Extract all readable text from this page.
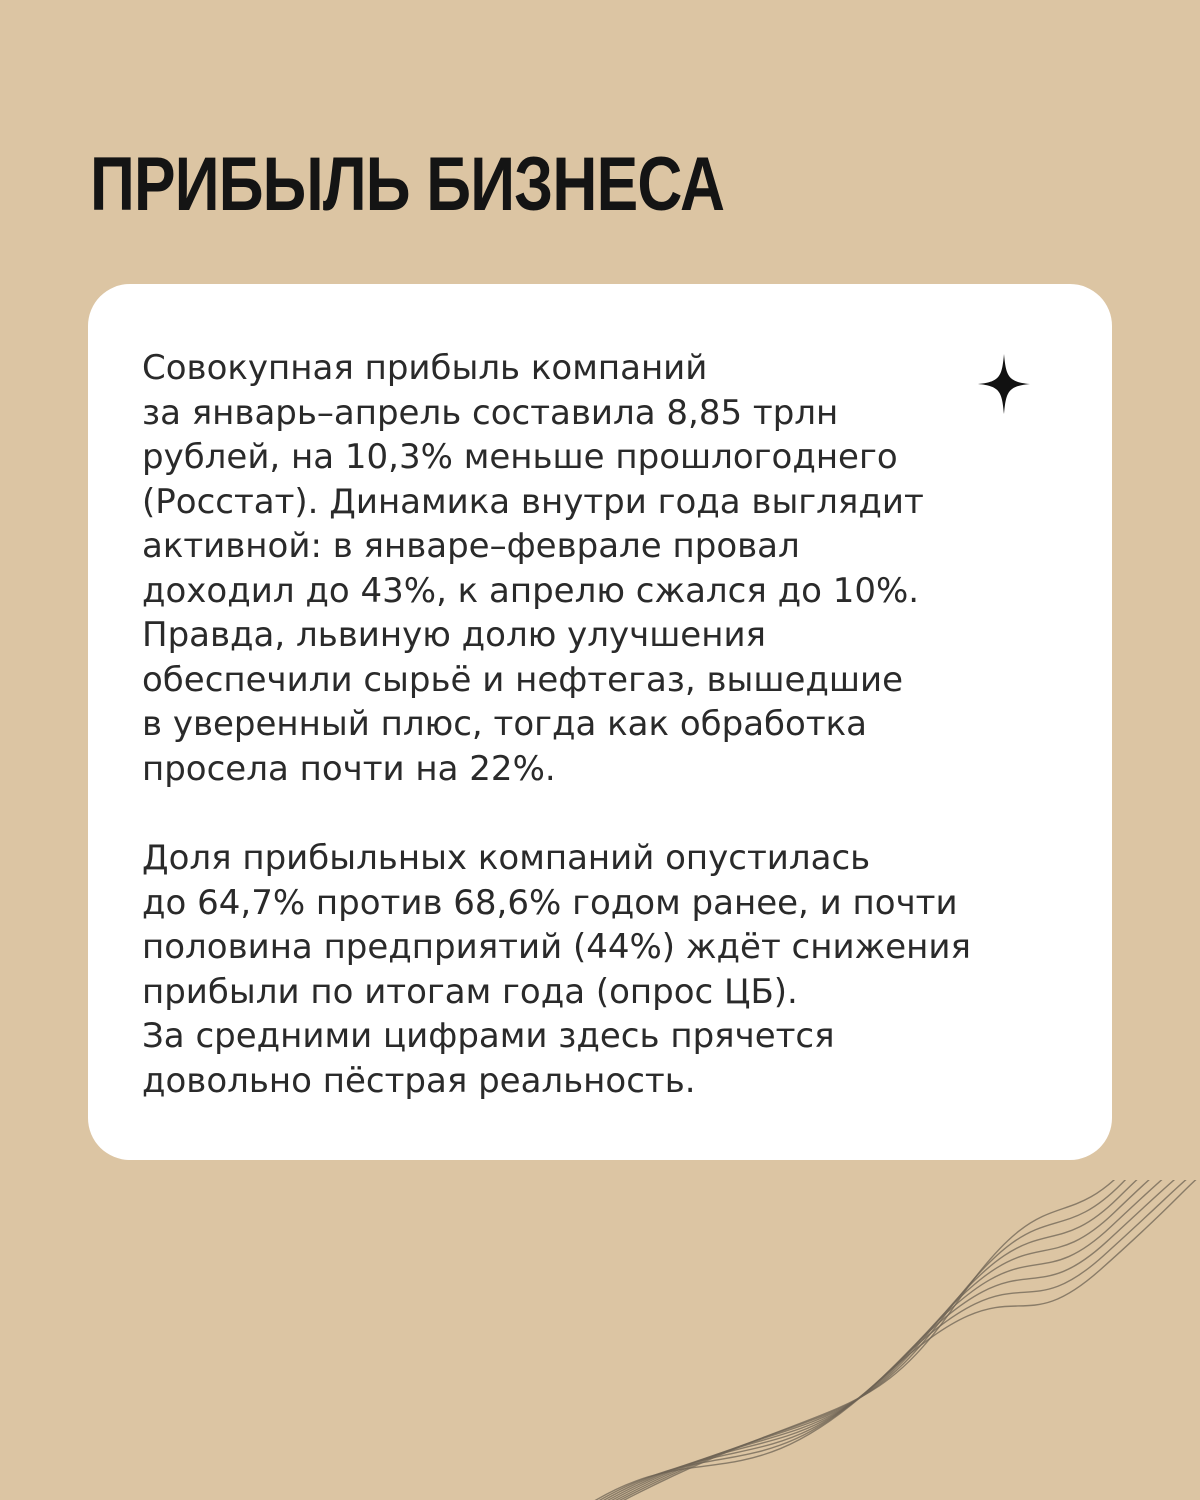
ПРИБЫЛЬ БИЗНЕСА

Совокупная прибыль компаний
за январь–апрель составила 8,85 трлн
рублей, на 10,3% меньше прошлогоднего
(Росстат). Динамика внутри года выглядит
активной: в январе–феврале провал
доходил до 43%, к апрелю сжался до 10%.
Правда, львиную долю улучшения
обеспечили сырьё и нефтегаз, вышедшие
в уверенный плюс, тогда как обработка
просела почти на 22%.

Доля прибыльных компаний опустилась
до 64,7% против 68,6% годом ранее, и почти
половина предприятий (44%) ждёт снижения
прибыли по итогам года (опрос ЦБ).
За средними цифрами здесь прячется
довольно пёстрая реальность.
